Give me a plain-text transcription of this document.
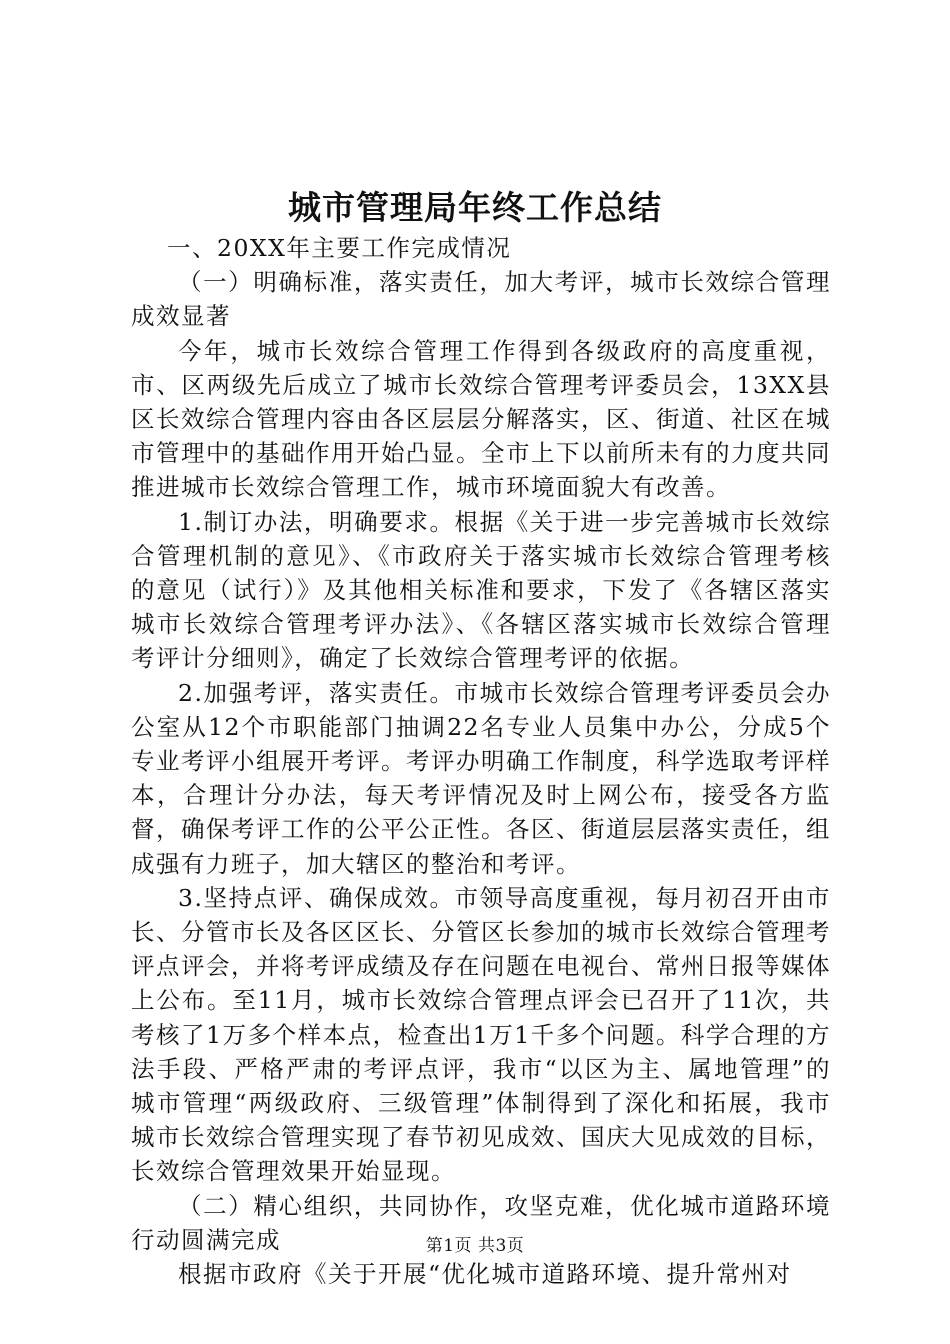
城市管理局年终工作总结

一、20XX年主要工作完成情况

（一）明确标准，落实责任，加大考评，城市长效综合管理成效显著

今年，城市长效综合管理工作得到各级政府的高度重视，市、区两级先后成立了城市长效综合管理考评委员会，13XX县区长效综合管理内容由各区层层分解落实，区、街道、社区在城市管理中的基础作用开始凸显。全市上下以前所未有的力度共同推进城市长效综合管理工作，城市环境面貌大有改善。

1.制订办法，明确要求。根据《关于进一步完善城市长效综合管理机制的意见》、《市政府关于落实城市长效综合管理考核的意见（试行）》及其他相关标准和要求，下发了《各辖区落实城市长效综合管理考评办法》、《各辖区落实城市长效综合管理考评计分细则》，确定了长效综合管理考评的依据。

2.加强考评，落实责任。市城市长效综合管理考评委员会办公室从12个市职能部门抽调22名专业人员集中办公，分成5个专业考评小组展开考评。考评办明确工作制度，科学选取考评样本，合理计分办法，每天考评情况及时上网公布，接受各方监督，确保考评工作的公平公正性。各区、街道层层落实责任，组成强有力班子，加大辖区的整治和考评。

3.坚持点评、确保成效。市领导高度重视，每月初召开由市长、分管市长及各区区长、分管区长参加的城市长效综合管理考评点评会，并将考评成绩及存在问题在电视台、常州日报等媒体上公布。至11月，城市长效综合管理点评会已召开了11次，共考核了1万多个样本点，检查出1万1千多个问题。科学合理的方法手段、严格严肃的考评点评，我市“以区为主、属地管理”的城市管理“两级政府、三级管理”体制得到了深化和拓展，我市城市长效综合管理实现了春节初见成效、国庆大见成效的目标，长效综合管理效果开始显现。

（二）精心组织，共同协作，攻坚克难，优化城市道路环境行动圆满完成

根据市政府《关于开展“优化城市道路环境、提升常州对

第1页 共3页
